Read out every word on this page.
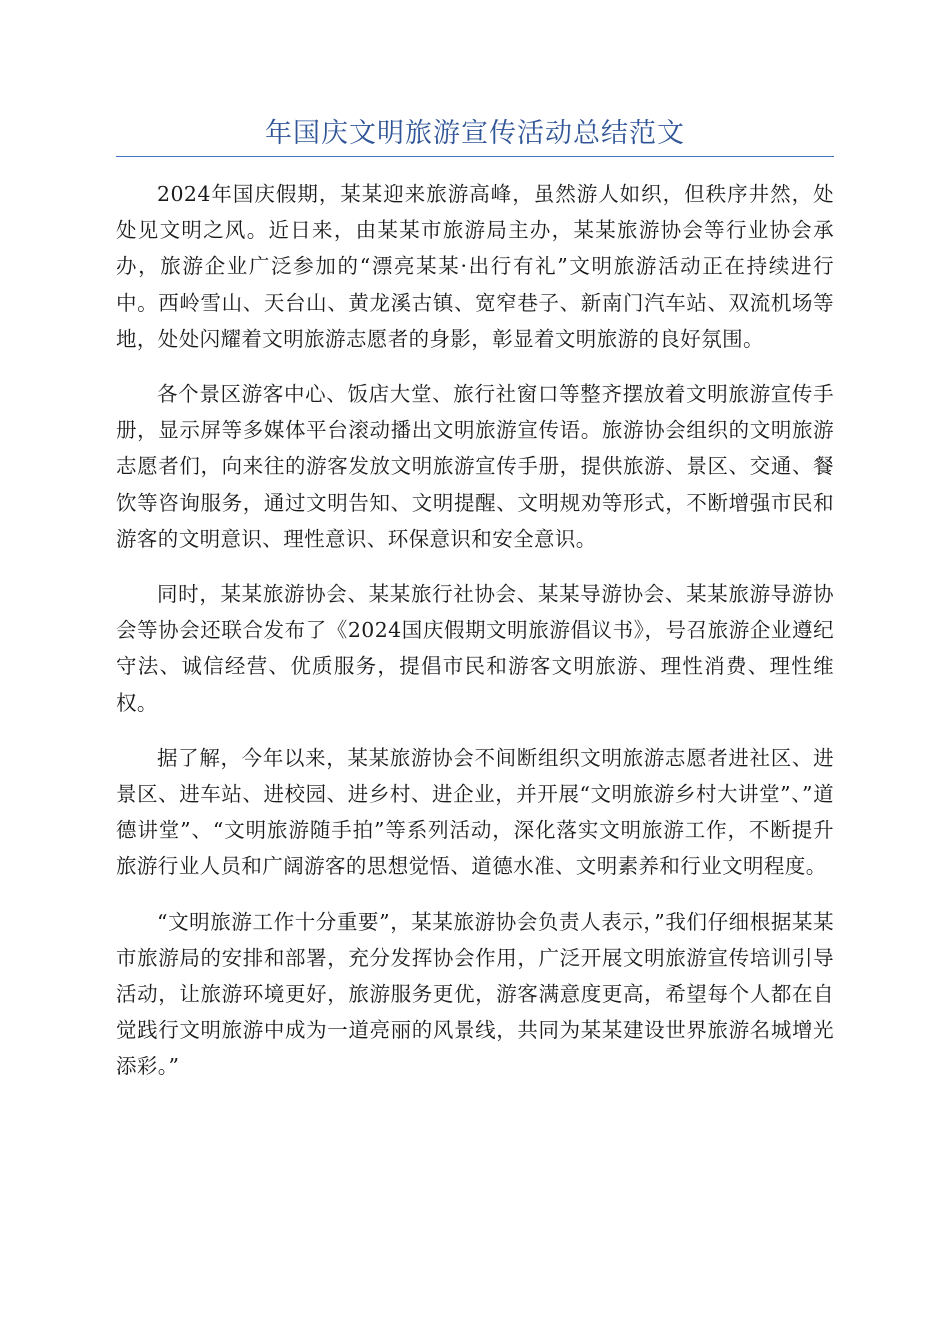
年国庆文明旅游宣传活动总结范文

2024年国庆假期，某某迎来旅游高峰，虽然游人如织，但秩序井然，处处见文明之风。近日来，由某某市旅游局主办，某某旅游协会等行业协会承办，旅游企业广泛参加的“漂亮某某·出行有礼”文明旅游活动正在持续进行中。西岭雪山、天台山、黄龙溪古镇、宽窄巷子、新南门汽车站、双流机场等地，处处闪耀着文明旅游志愿者的身影，彰显着文明旅游的良好氛围。

各个景区游客中心、饭店大堂、旅行社窗口等整齐摆放着文明旅游宣传手册，显示屏等多媒体平台滚动播出文明旅游宣传语。旅游协会组织的文明旅游志愿者们，向来往的游客发放文明旅游宣传手册，提供旅游、景区、交通、餐饮等咨询服务，通过文明告知、文明提醒、文明规劝等形式，不断增强市民和游客的文明意识、理性意识、环保意识和安全意识。

同时，某某旅游协会、某某旅行社协会、某某导游协会、某某旅游导游协会等协会还联合发布了《2024国庆假期文明旅游倡议书》，号召旅游企业遵纪守法、诚信经营、优质服务，提倡市民和游客文明旅游、理性消费、理性维权。

据了解，今年以来，某某旅游协会不间断组织文明旅游志愿者进社区、进景区、进车站、进校园、进乡村、进企业，并开展“文明旅游乡村大讲堂”、”道德讲堂”、“文明旅游随手拍”等系列活动，深化落实文明旅游工作，不断提升旅游行业人员和广阔游客的思想觉悟、道德水准、文明素养和行业文明程度。

“文明旅游工作十分重要”，某某旅游协会负责人表示，”我们仔细根据某某市旅游局的安排和部署，充分发挥协会作用，广泛开展文明旅游宣传培训引导活动，让旅游环境更好，旅游服务更优，游客满意度更高，希望每个人都在自觉践行文明旅游中成为一道亮丽的风景线，共同为某某建设世界旅游名城增光添彩。”
